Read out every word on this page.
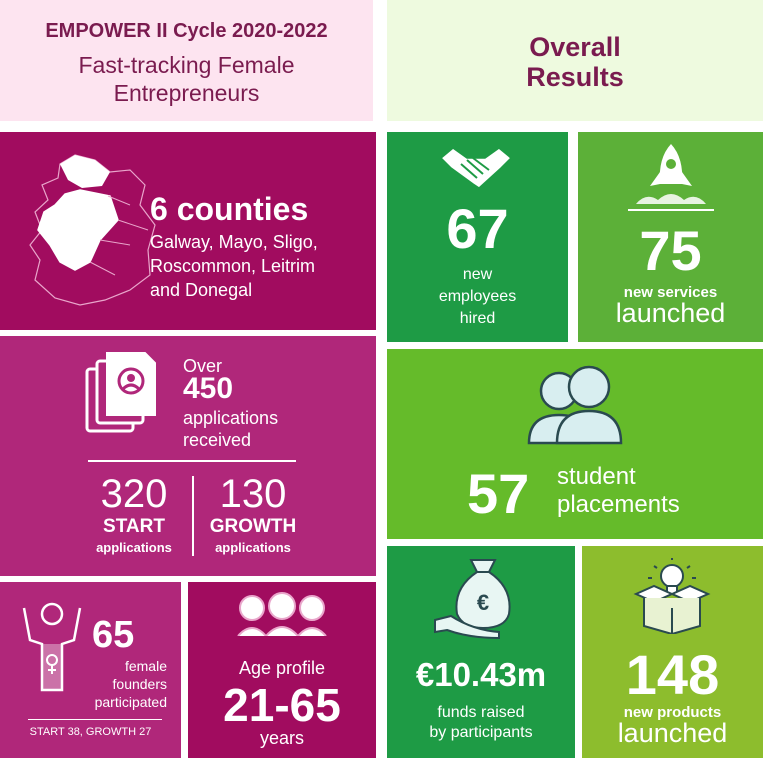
EMPOWER II Cycle 2020-2022
Fast-tracking Female
Entrepreneurs
Overall
Results
6 counties
Galway, Mayo, Sligo,
Roscommon, Leitrim
and Donegal
Over
450
applications
received
320
START
applications
130
GROWTH
applications
65
female
founders
participated
START 38, GROWTH 27
Age profile
21-65
years
67
new
employees
hired
75
new services
launched
57 student
placements
€
€10.43m
funds raised
by participants
148
new products
launched
